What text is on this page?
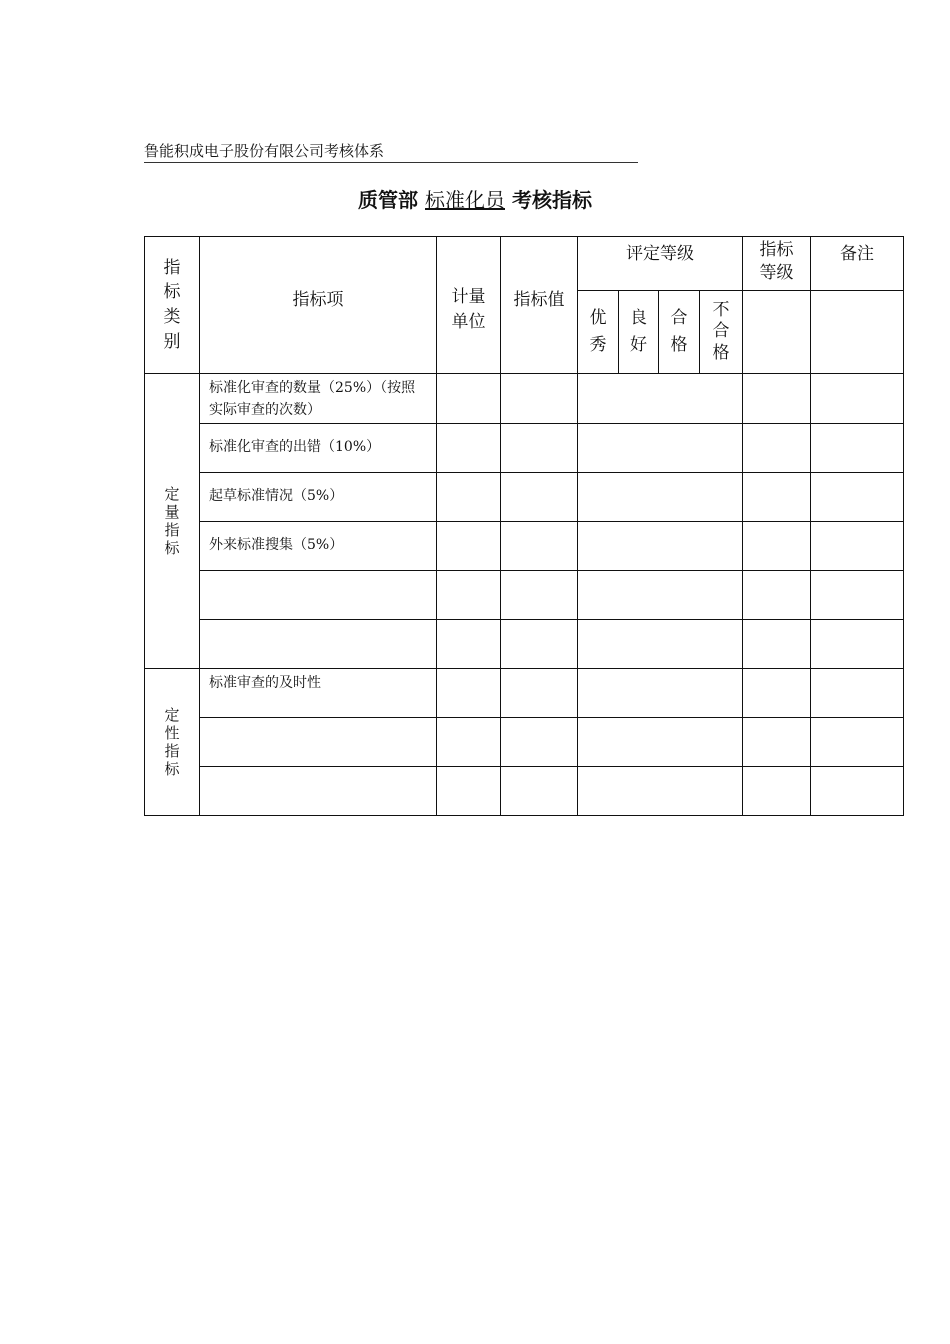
鲁能积成电子股份有限公司考核体系
质管部 标准化员 考核指标
指标类别	指标项	计量单位	指标值	评定等级				指标等级	备注
				优秀	良好	合格	不合格		
定量指标	标准化审查的数量（25%）（按照实际审查的次数）								
	标准化审查的出错（10%）								
	起草标准情况（5%）								
	外来标准搜集（5%）								

定性指标	标准审查的及时性								
